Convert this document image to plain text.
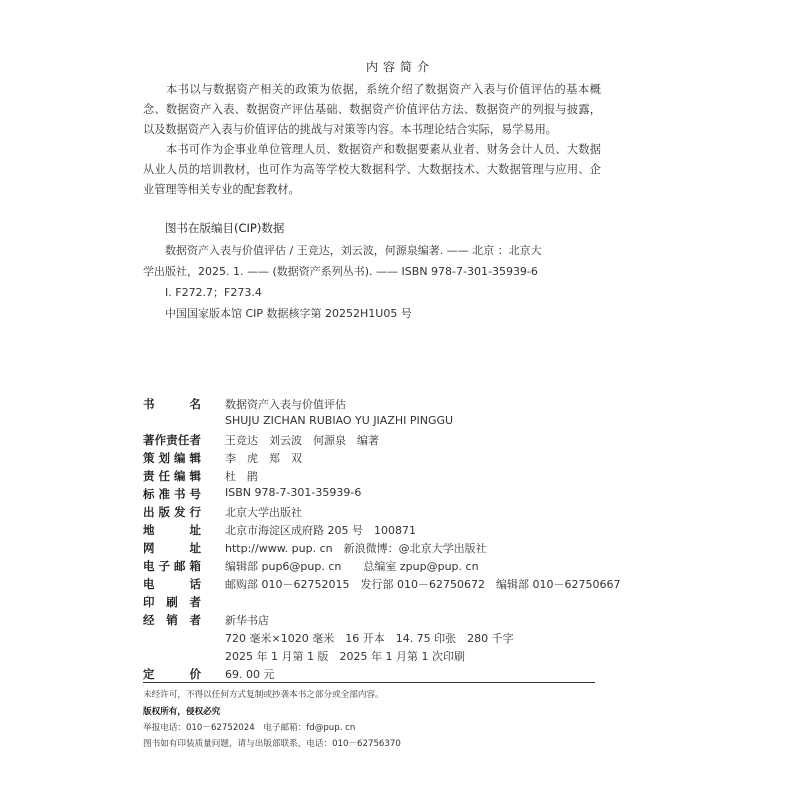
内容简介
本书以与数据资产相关的政策为依据，系统介绍了数据资产入表与价值评估的基本概念、数据资产入表、数据资产评估基础、数据资产价值评估方法、数据资产的列报与披露，以及数据资产入表与价值评估的挑战与对策等内容。本书理论结合实际，易学易用。
本书可作为企事业单位管理人员、数据资产和数据要素从业者、财务会计人员、大数据从业人员的培训教材，也可作为高等学校大数据科学、大数据技术、大数据管理与应用、企业管理等相关专业的配套教材。
图书在版编目(CIP)数据
数据资产入表与价值评估 / 王竞达，刘云波，何源泉编著. —— 北京 ：北京大
学出版社，2025. 1. —— (数据资产系列丛书). —— ISBN 978-7-301-35939-6
Ⅰ. F272.7；F273.4
中国国家版本馆 CIP 数据核字第 20252H1U05 号
书　名 数据资产入表与价值评估
SHUJU ZICHAN RUBIAO YU JIAZHI PINGGU
著作责任者 王竞达　刘云波　何源泉　编著
策划编辑 李　虎　郑　双
责任编辑 杜　鹃
标准书号 ISBN 978-7-301-35939-6
出版发行 北京大学出版社
地　址 北京市海淀区成府路 205 号　100871
网　址 http://www. pup. cn　新浪微博：@北京大学出版社
电子邮箱 编辑部 pup6@pup. cn　　总编室 zpup@pup. cn
电　话 邮购部 010－62752015　发行部 010－62750672　编辑部 010－62750667
印 刷 者
经 销 者 新华书店
720 毫米×1020 毫米　16 开本　14. 75 印张　280 千字
2025 年 1 月第 1 版　2025 年 1 月第 1 次印刷
定　价 69. 00 元
未经许可，不得以任何方式复制或抄袭本书之部分或全部内容。
版权所有，侵权必究
举报电话：010－62752024　电子邮箱：fd@pup. cn
图书如有印装质量问题，请与出版部联系，电话：010－62756370
